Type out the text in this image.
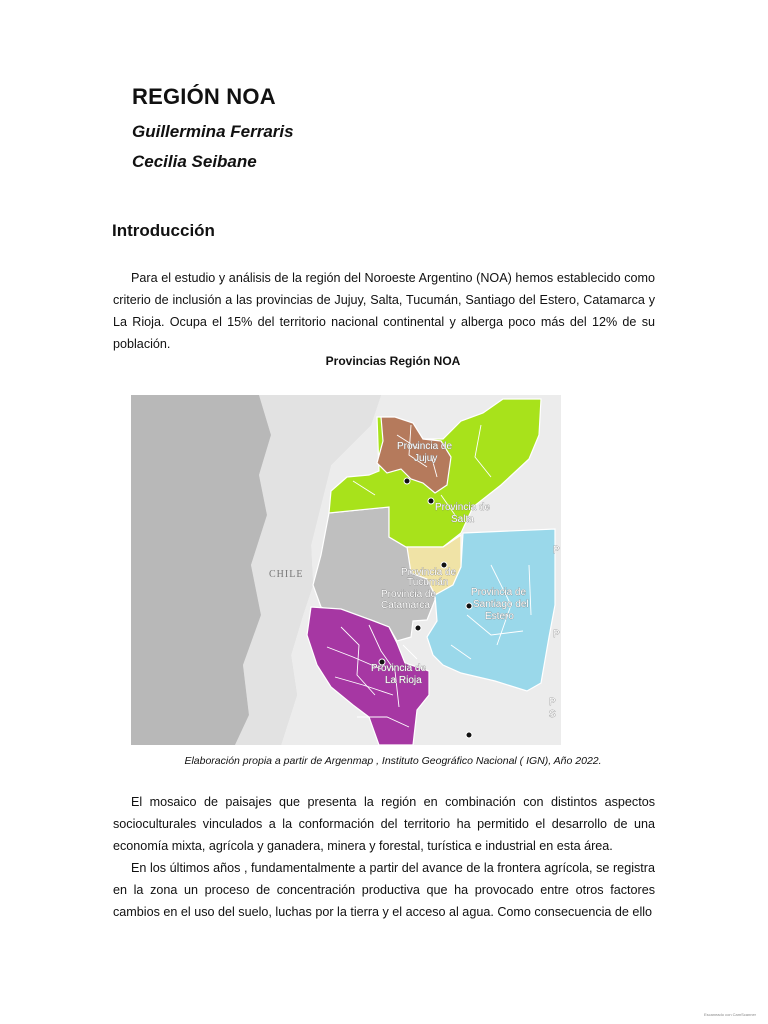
REGIÓN NOA
Guillermina Ferraris
Cecilia Seibane
Introducción

Para el estudio y análisis de la región del Noroeste Argentino (NOA) hemos establecido como criterio de inclusión a las provincias de Jujuy, Salta, Tucumán, Santiago del Estero, Catamarca y La Rioja. Ocupa el 15% del territorio nacional continental y alberga poco más del 12% de su población.

Provincias Región NOA
CHILE
Provincia de
Jujuy
Provincia de
Salta
Provincia de
Tucumán
Provincia de
Catamarca
Provincia de
Santiago del
Estero
Provincia de
La Rioja
P
P
P
S
Elaboración propia a partir de Argenmap , Instituto Geográfico Nacional ( IGN), Año 2022.

El mosaico de paisajes que presenta la región en combinación con distintos aspectos socioculturales vinculados a la conformación del territorio ha permitido el desarrollo de una economía mixta, agrícola y ganadera, minera y forestal, turística e industrial en esta área.

En los últimos años , fundamentalmente a partir del avance de la frontera agrícola, se registra en la zona un proceso de concentración productiva que ha provocado entre otros factores cambios en el uso del suelo, luchas por la tierra y el acceso al agua. Como consecuencia de ello

Escaneado con CamScanner
